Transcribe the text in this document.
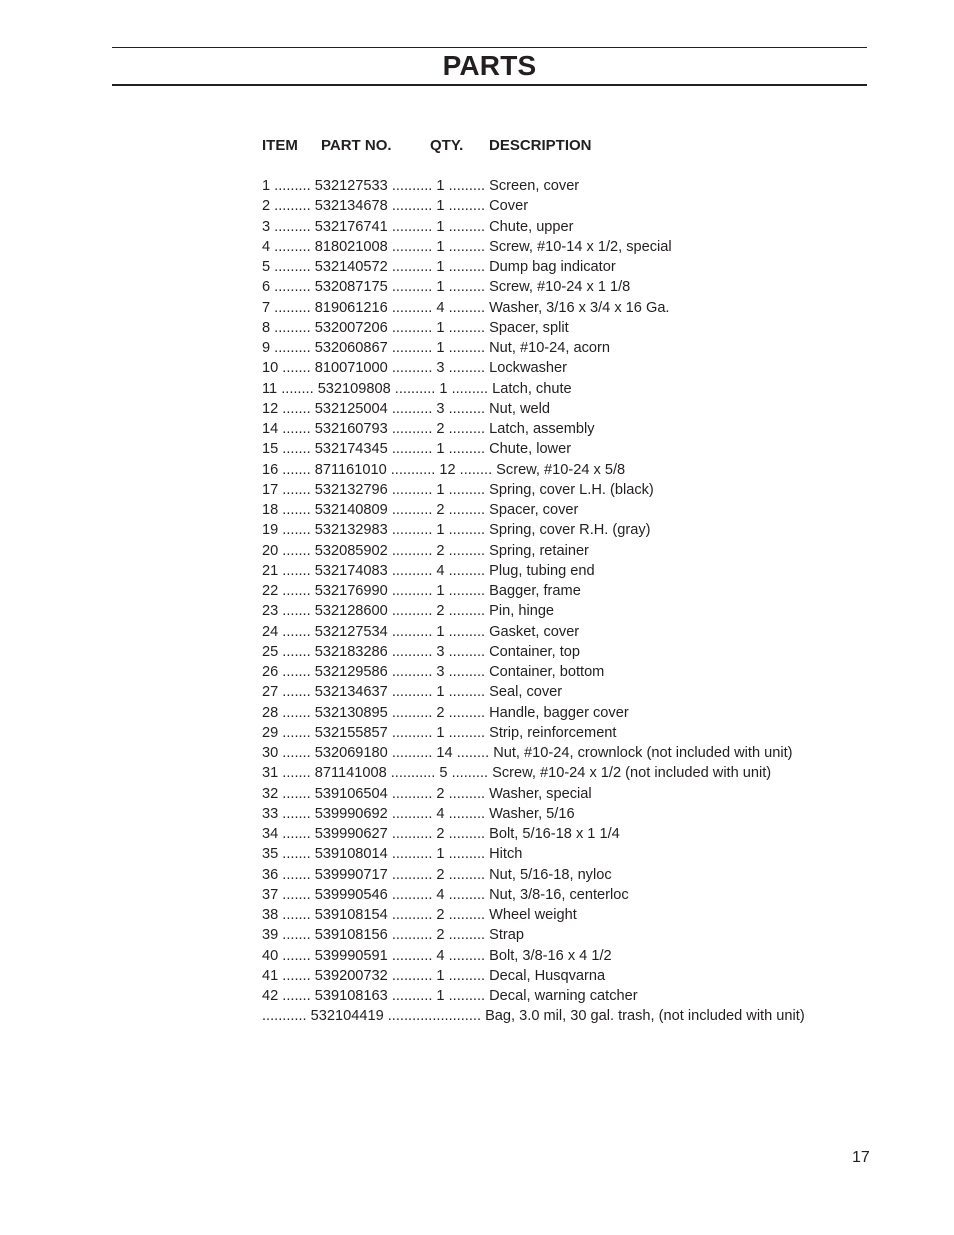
PARTS
ITEM PART NO.	QTY. DESCRIPTION
1 ......... 532127533 .......... 1 ......... Screen, cover
2 ......... 532134678 .......... 1 ......... Cover
3 ......... 532176741 .......... 1 ......... Chute, upper
4 ......... 818021008 .......... 1 ......... Screw, #10-14 x 1/2, special
5 ......... 532140572 .......... 1 ......... Dump bag indicator
6 ......... 532087175 .......... 1 ......... Screw, #10-24 x 1 1/8
7 ......... 819061216 .......... 4 ......... Washer, 3/16 x 3/4 x 16 Ga.
8 ......... 532007206 .......... 1 ......... Spacer, split
9 ......... 532060867 .......... 1 ......... Nut, #10-24, acorn
10 ....... 810071000 .......... 3 ......... Lockwasher
11 ........ 532109808 .......... 1 ......... Latch, chute
12 ....... 532125004 .......... 3 ......... Nut, weld
14 ....... 532160793 .......... 2 ......... Latch, assembly
15 ....... 532174345 .......... 1 ......... Chute, lower
16 ....... 871161010 ........... 12 ........ Screw, #10-24 x 5/8
17 ....... 532132796 .......... 1 ......... Spring, cover L.H. (black)
18 ....... 532140809 .......... 2 ......... Spacer, cover
19 ....... 532132983 .......... 1 ......... Spring, cover R.H. (gray)
20 ....... 532085902 .......... 2 ......... Spring, retainer
21 ....... 532174083 .......... 4 ......... Plug, tubing end
22 ....... 532176990 .......... 1 ......... Bagger, frame
23 ....... 532128600 .......... 2 ......... Pin, hinge
24 ....... 532127534 .......... 1 ......... Gasket, cover
25 ....... 532183286 .......... 3 ......... Container, top
26 ....... 532129586 .......... 3 ......... Container, bottom
27 ....... 532134637 .......... 1 ......... Seal, cover
28 ....... 532130895 .......... 2 ......... Handle, bagger cover
29 ....... 532155857 .......... 1 ......... Strip, reinforcement
30 ....... 532069180 .......... 14 ........ Nut, #10-24, crownlock (not included with unit)
31 ....... 871141008 ........... 5 ......... Screw, #10-24 x 1/2 (not included with unit)
32 ....... 539106504 .......... 2 ......... Washer, special
33 ....... 539990692 .......... 4 ......... Washer, 5/16
34 ....... 539990627 .......... 2 ......... Bolt, 5/16-18 x 1 1/4
35 ....... 539108014 .......... 1 ......... Hitch
36 ....... 539990717 .......... 2 ......... Nut, 5/16-18, nyloc
37 ....... 539990546 .......... 4 ......... Nut, 3/8-16, centerloc
38 ....... 539108154 .......... 2 ......... Wheel weight
39 ....... 539108156 .......... 2 ......... Strap
40 ....... 539990591 .......... 4 ......... Bolt, 3/8-16 x 4 1/2
41 ....... 539200732 .......... 1 ......... Decal, Husqvarna
42 ....... 539108163 .......... 1 ......... Decal, warning catcher
........... 532104419 ....................... Bag, 3.0 mil, 30 gal. trash, (not included with unit)
17
